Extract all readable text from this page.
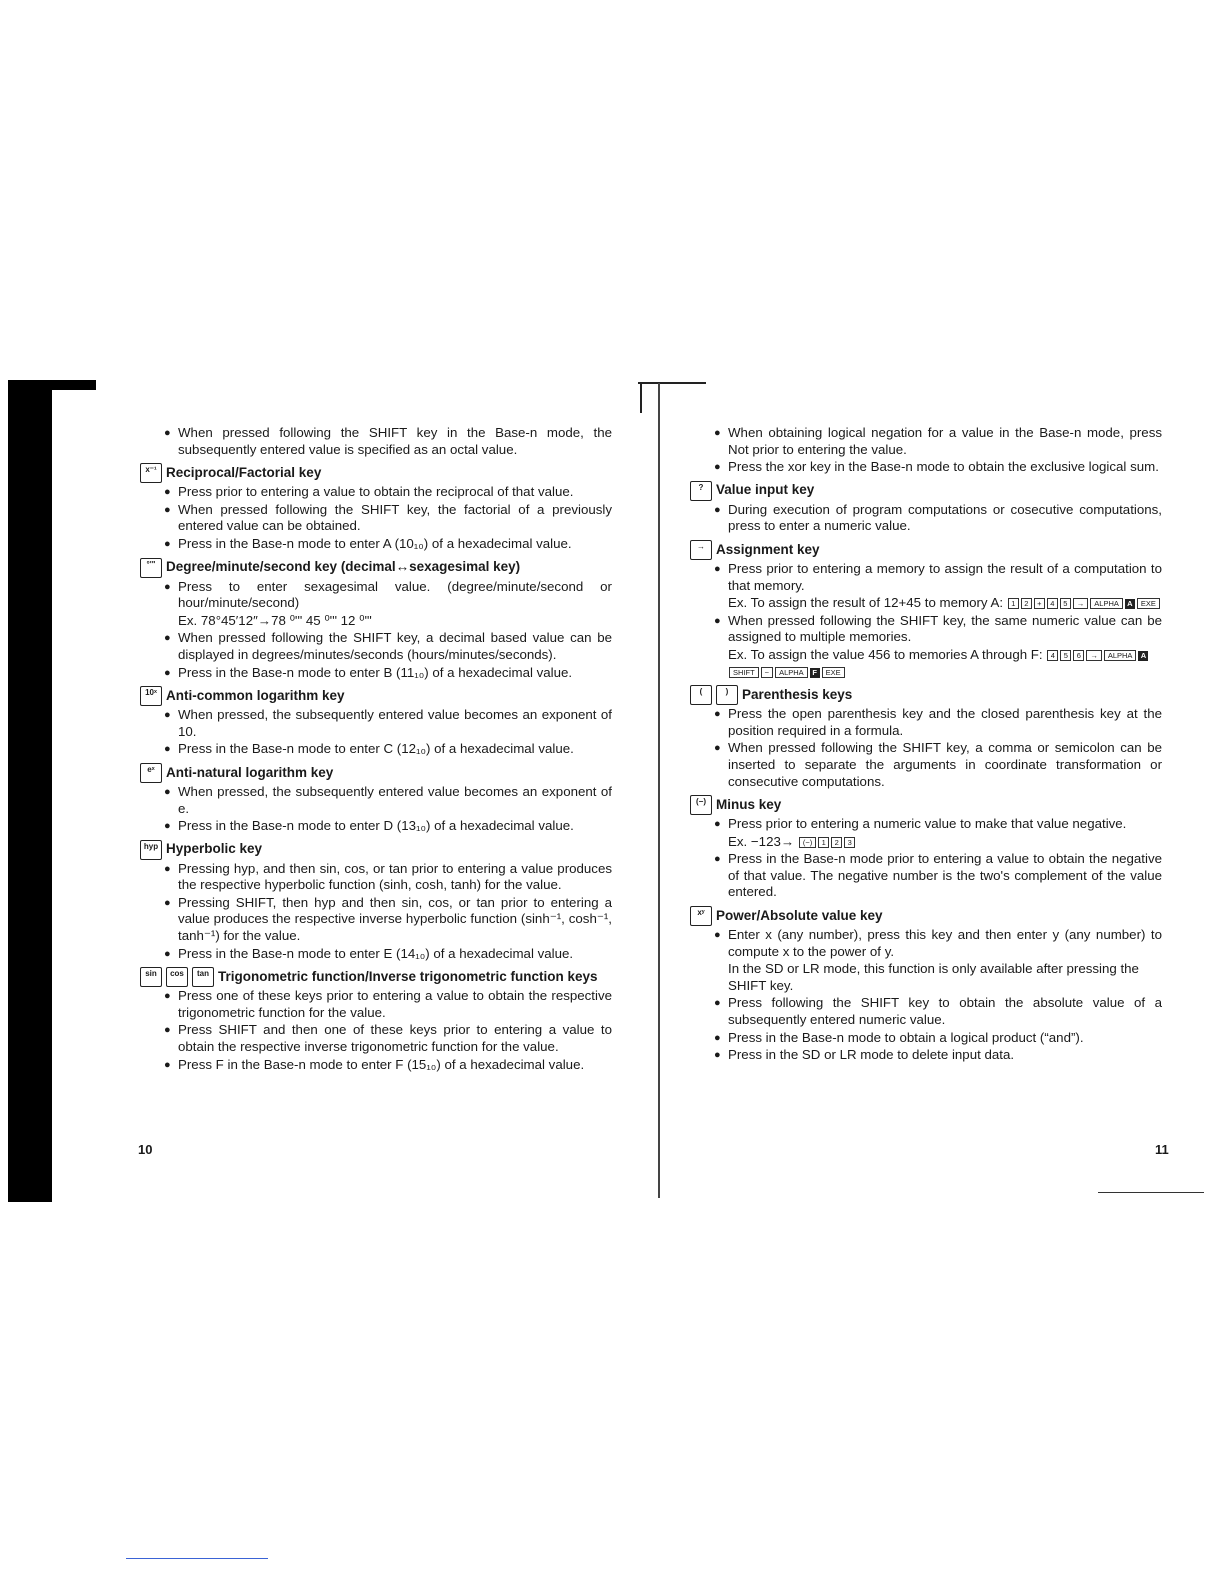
● When pressed following the SHIFT key in the Base-n mode, the subsequently entered value is specified as an octal value.

x⁻¹ Reciprocal/Factorial key

● Press prior to entering a value to obtain the reciprocal of that value.

● When pressed following the SHIFT key, the factorial of a previously entered value can be obtained.

● Press in the Base-n mode to enter A (10₁₀) of a hexadecimal value.

°'" Degree/minute/second key (decimal↔sexagesimal key)

● Press to enter sexagesimal value. (degree/minute/second or hour/minute/second)

Ex. 78°45′12″→78 ⁰'" 45 ⁰'" 12 ⁰'"

● When pressed following the SHIFT key, a decimal based value can be displayed in degrees/minutes/seconds (hours/minutes/seconds).

● Press in the Base-n mode to enter B (11₁₀) of a hexadecimal value.

10ˣ Anti-common logarithm key

● When pressed, the subsequently entered value becomes an exponent of 10.

● Press in the Base-n mode to enter C (12₁₀) of a hexadecimal value.

eˣ Anti-natural logarithm key

● When pressed, the subsequently entered value becomes an exponent of e.

● Press in the Base-n mode to enter D (13₁₀) of a hexadecimal value.

hyp Hyperbolic key

● Pressing hyp, and then sin, cos, or tan prior to entering a value produces the respective hyperbolic function (sinh, cosh, tanh) for the value.

● Pressing SHIFT, then hyp and then sin, cos, or tan prior to entering a value produces the respective inverse hyperbolic function (sinh⁻¹, cosh⁻¹, tanh⁻¹) for the value.

● Press in the Base-n mode to enter E (14₁₀) of a hexadecimal value.

sin	cos	tan Trigonometric function/Inverse trigonometric function keys

● Press one of these keys prior to entering a value to obtain the respective trigonometric function for the value.

● Press SHIFT and then one of these keys prior to entering a value to obtain the respective inverse trigonometric function for the value.

● Press F in the Base-n mode to enter F (15₁₀) of a hexadecimal value.

10

● When obtaining logical negation for a value in the Base-n mode, press Not prior to entering the value.

● Press the xor key in the Base-n mode to obtain the exclusive logical sum.

? Value input key

● During execution of program computations or cosecutive computations, press to enter a numeric value.

→ Assignment key

● Press prior to entering a memory to assign the result of a computation to that memory.

Ex. To assign the result of 12+45 to memory A: 1 2 + 4 5 → ALPHA A EXE

● When pressed following the SHIFT key, the same numeric value can be assigned to multiple memories.

Ex. To assign the value 456 to memories A through F: 4 5 6 → ALPHA ASHIFT ~ ALPHA F EXE

(	)	Parenthesis keys

● Press the open parenthesis key and the closed parenthesis key at the position required in a formula.

● When pressed following the SHIFT key, a comma or semicolon can be inserted to separate the arguments in coordinate transformation or consecutive computations.

(−) Minus key

● Press prior to entering a numeric value to make that value negative.

Ex. −123→ (−) 1 2 3

● Press in the Base-n mode prior to entering a value to obtain the negative of that value. The negative number is the two's complement of the value entered.

xʸ Power/Absolute value key

● Enter x (any number), press this key and then enter y (any number) to compute x to the power of y.

In the SD or LR mode, this function is only available after pressing the SHIFT key.

● Press following the SHIFT key to obtain the absolute value of a subsequently entered numeric value.

● Press in the Base-n mode to obtain a logical product (“and”).

● Press in the SD or LR mode to delete input data.

11
